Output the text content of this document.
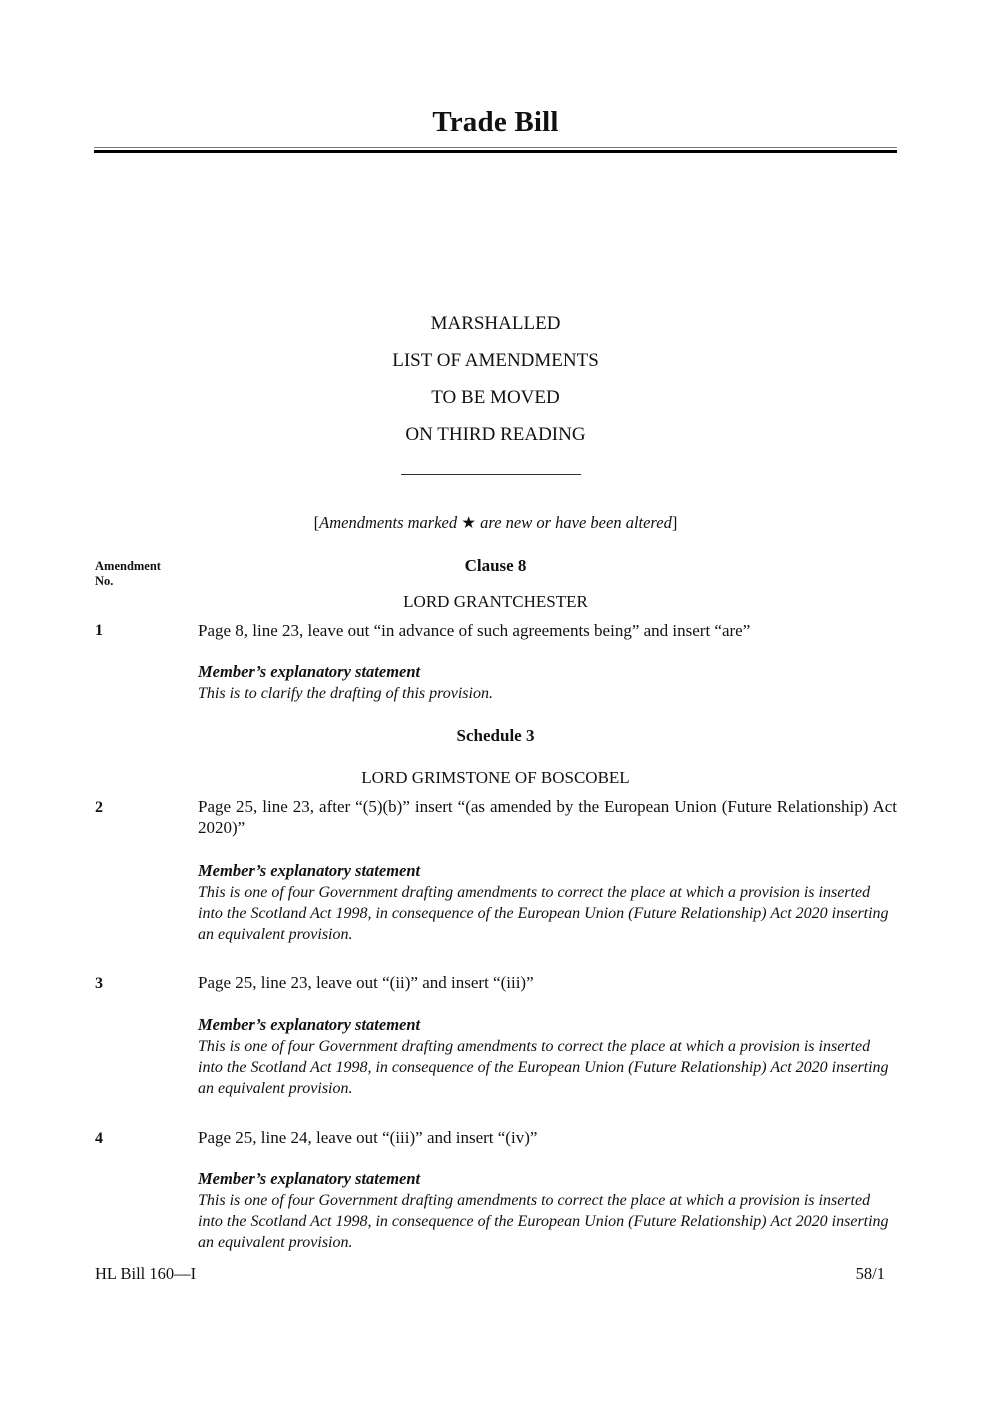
Trade Bill
MARSHALLED
LIST OF AMENDMENTS
TO BE MOVED
ON THIRD READING
[Amendments marked ★ are new or have been altered]
Amendment
No.
Clause 8
LORD GRANTCHESTER
1	Page 8, line 23, leave out “in advance of such agreements being” and insert “are”
Member’s explanatory statement
This is to clarify the drafting of this provision.
Schedule 3
LORD GRIMSTONE OF BOSCOBEL
2	Page 25, line 23, after “(5)(b)” insert “(as amended by the European Union (Future Relationship) Act 2020)”
Member’s explanatory statement
This is one of four Government drafting amendments to correct the place at which a provision is inserted into the Scotland Act 1998, in consequence of the European Union (Future Relationship) Act 2020 inserting an equivalent provision.
3	Page 25, line 23, leave out “(ii)” and insert “(iii)”
Member’s explanatory statement
This is one of four Government drafting amendments to correct the place at which a provision is inserted into the Scotland Act 1998, in consequence of the European Union (Future Relationship) Act 2020 inserting an equivalent provision.
4	Page 25, line 24, leave out “(iii)” and insert “(iv)”
Member’s explanatory statement
This is one of four Government drafting amendments to correct the place at which a provision is inserted into the Scotland Act 1998, in consequence of the European Union (Future Relationship) Act 2020 inserting an equivalent provision.
HL Bill 160—I	58/1
